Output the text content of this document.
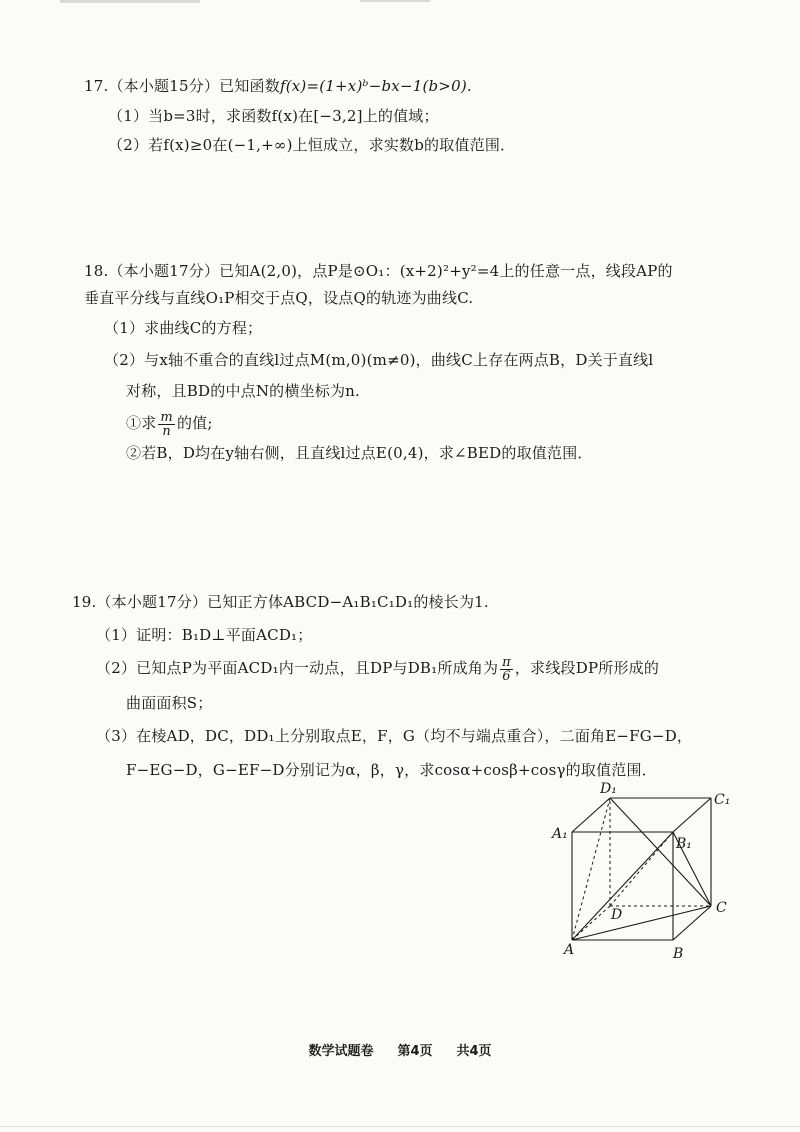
17.（本小题15分）已知函数f(x)=(1+x)ᵇ−bx−1(b>0).
（1）当b=3时，求函数f(x)在[−3,2]上的值域；
（2）若f(x)≥0在(−1,+∞)上恒成立，求实数b的取值范围．
18.（本小题17分）已知A(2,0)，点P是⊙O₁：(x+2)²+y²=4上的任意一点，线段AP的
垂直平分线与直线O₁P相交于点Q，设点Q的轨迹为曲线C.
（1）求曲线C的方程；
（2）与x轴不重合的直线l过点M(m,0)(m≠0)，曲线C上存在两点B，D关于直线l
对称，且BD的中点N的横坐标为n.
①求 $\frac{m}{n}$ 的值;
②若B，D均在y轴右侧，且直线l过点E(0,4)，求∠BED的取值范围．
19.（本小题17分）已知正方体ABCD−A₁B₁C₁D₁的棱长为1.
（1）证明：B₁D⊥平面ACD₁；
（2）已知点P为平面ACD₁内一动点，且DP与DB₁所成角为 $\frac{\pi}{6}$ ，求线段DP所形成的
曲面面积S；
（3）在棱AD，DC，DD₁上分别取点E，F，G（均不与端点重合），二面角E−FG−D，
F−EG−D，G−EF−D分别记为α，β，γ，求cosα+cosβ+cosγ的取值范围．
D₁
C₁
A₁
B₁
D	C
A	B
数学试题卷 第4页 共4页
